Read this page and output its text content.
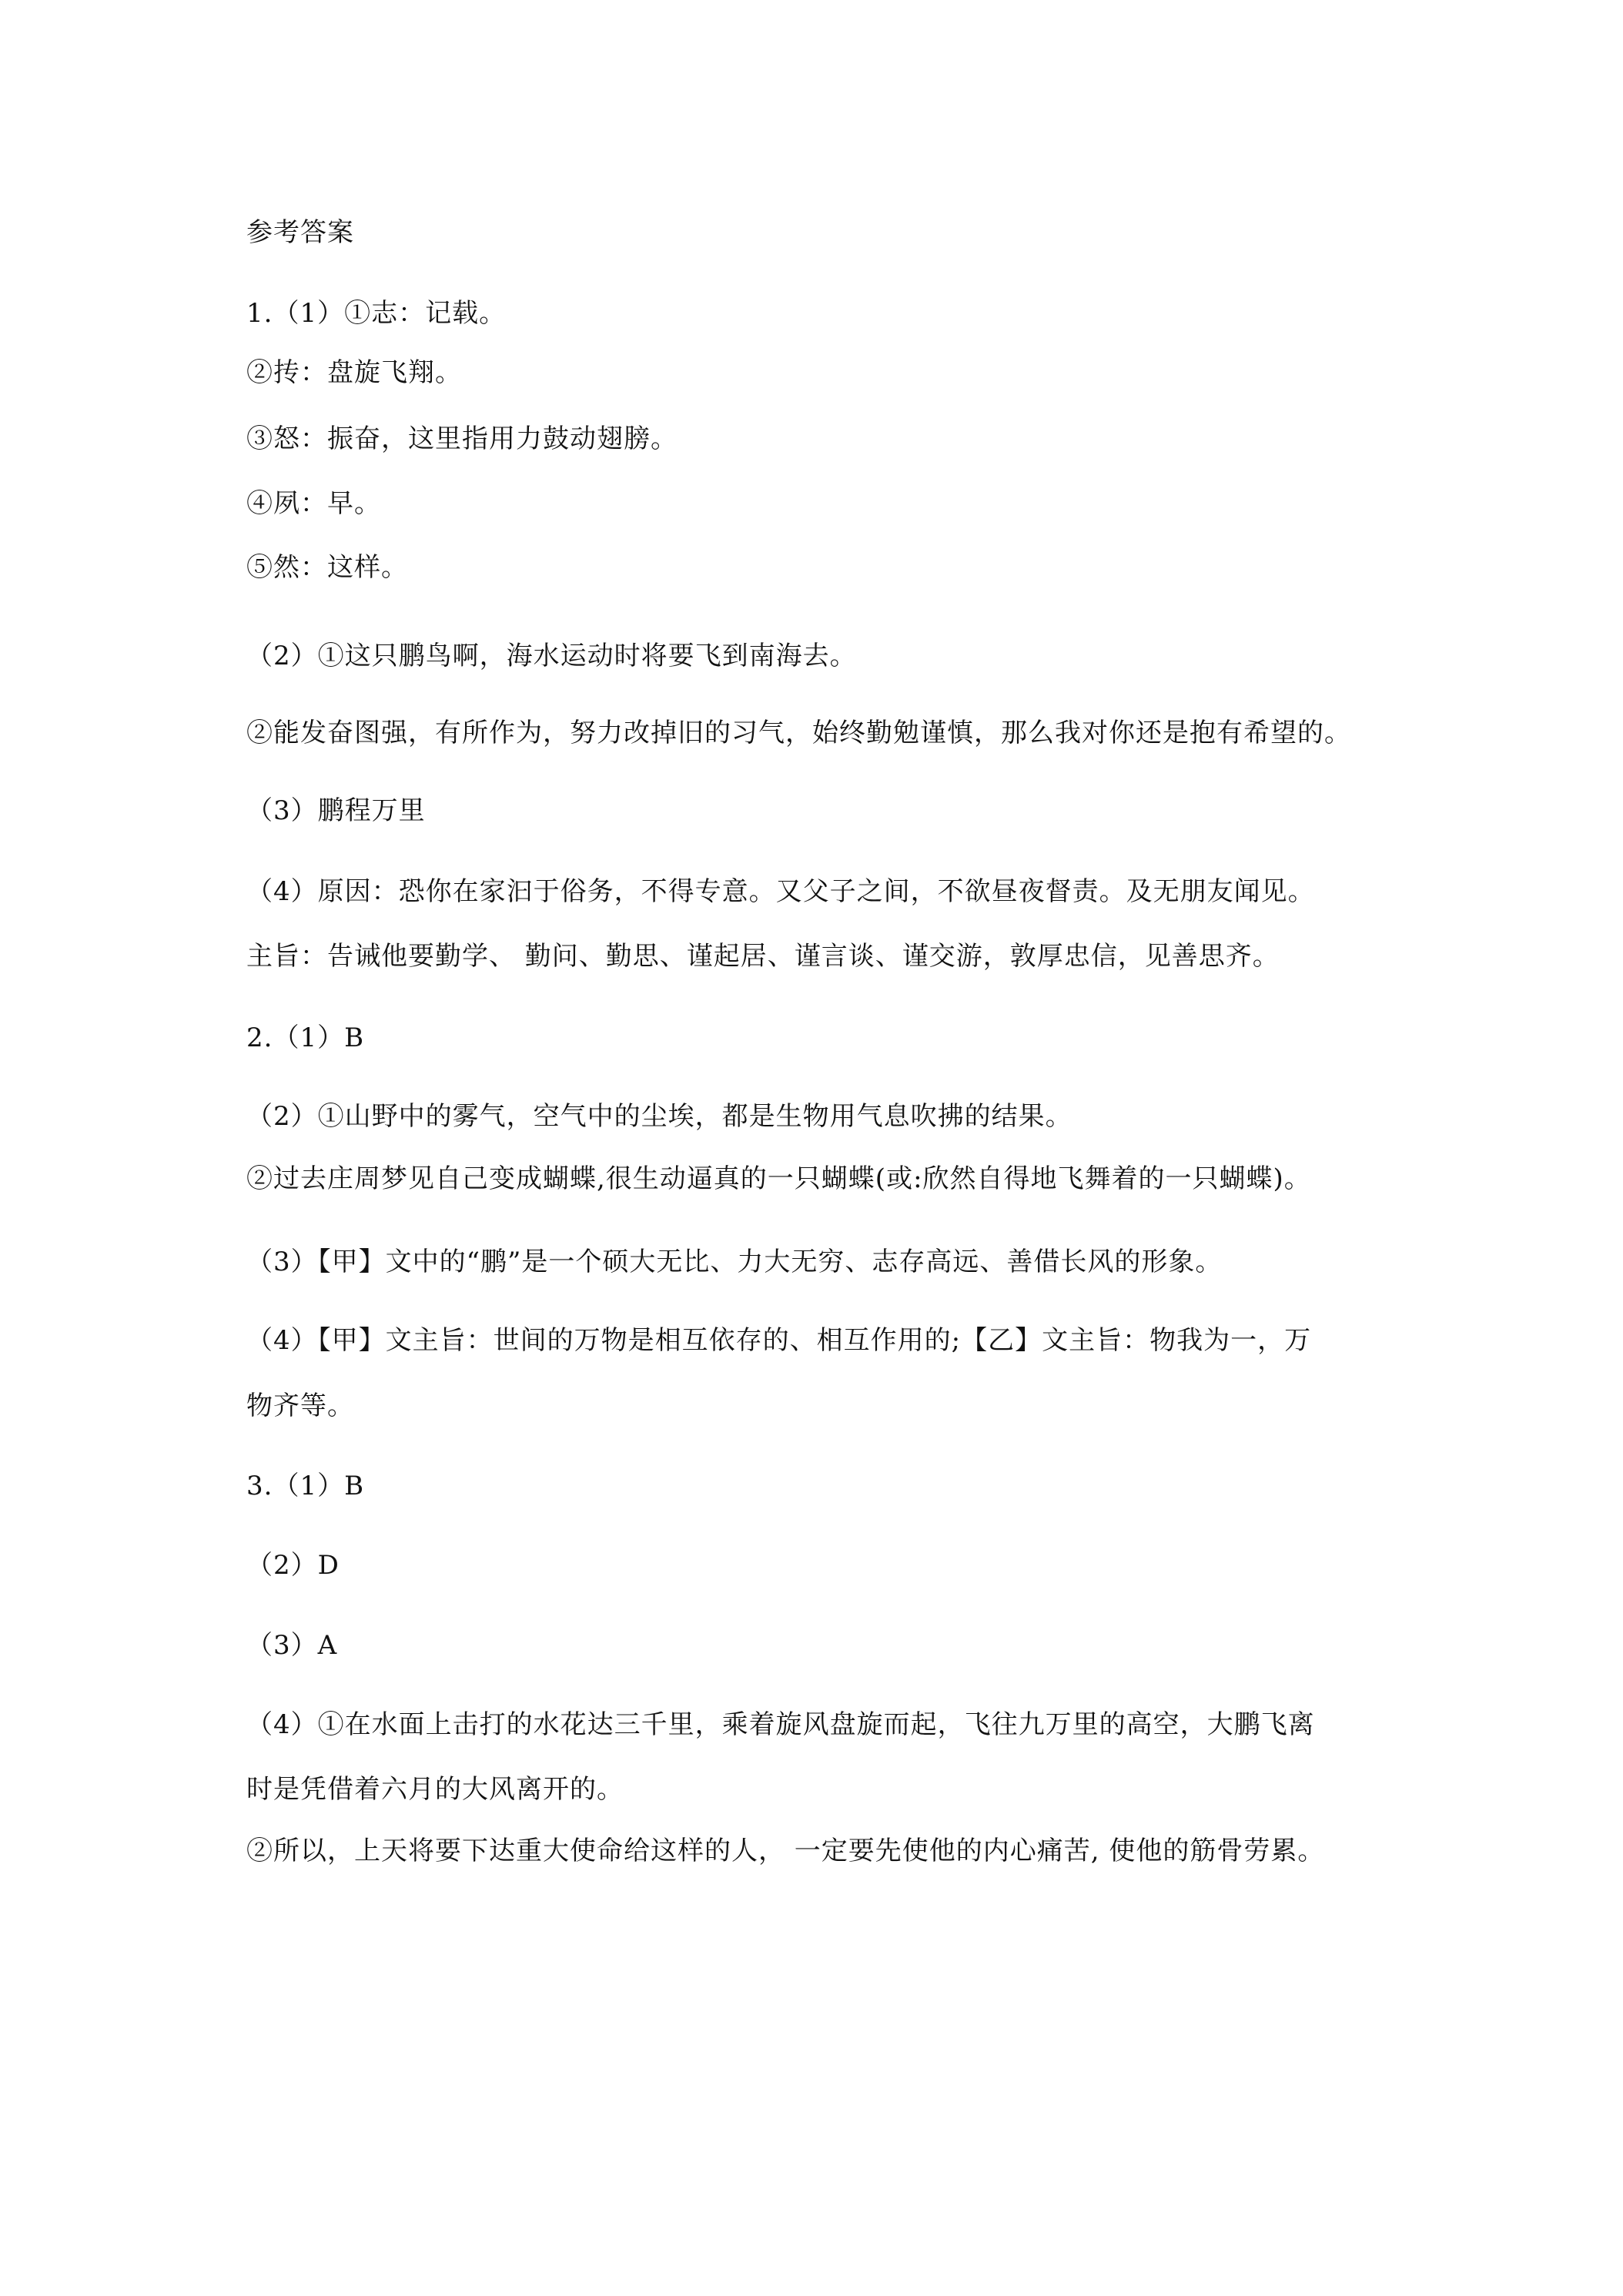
参考答案

1.（1）①志：记载。

②抟：盘旋飞翔。

③怒：振奋，这里指用力鼓动翅膀。

④夙：早。

⑤然：这样。

（2）①这只鹏鸟啊，海水运动时将要飞到南海去。

②能发奋图强，有所作为，努力改掉旧的习气，始终勤勉谨慎，那么我对你还是抱有希望的。

（3）鹏程万里

（4）原因：恐你在家汩于俗务，不得专意。又父子之间，不欲昼夜督责。及无朋友闻见。

主旨：告诫他要勤学、 勤问、勤思、谨起居、谨言谈、谨交游，敦厚忠信，见善思齐。

2.（1）B

（2）①山野中的雾气，空气中的尘埃，都是生物用气息吹拂的结果。

②过去庄周梦见自己变成蝴蝶,很生动逼真的一只蝴蝶(或:欣然自得地飞舞着的一只蝴蝶)。

（3）【甲】文中的“鹏”是一个硕大无比、力大无穷、志存高远、善借长风的形象。

（4）【甲】文主旨：世间的万物是相互依存的、相互作用的;【乙】文主旨：物我为一，万

物齐等。

3.（1）B

（2）D

（3）A

（4）①在水面上击打的水花达三千里，乘着旋风盘旋而起，飞往九万里的高空，大鹏飞离

时是凭借着六月的大风离开的。

②所以，上天将要下达重大使命给这样的人， 一定要先使他的内心痛苦, 使他的筋骨劳累。
